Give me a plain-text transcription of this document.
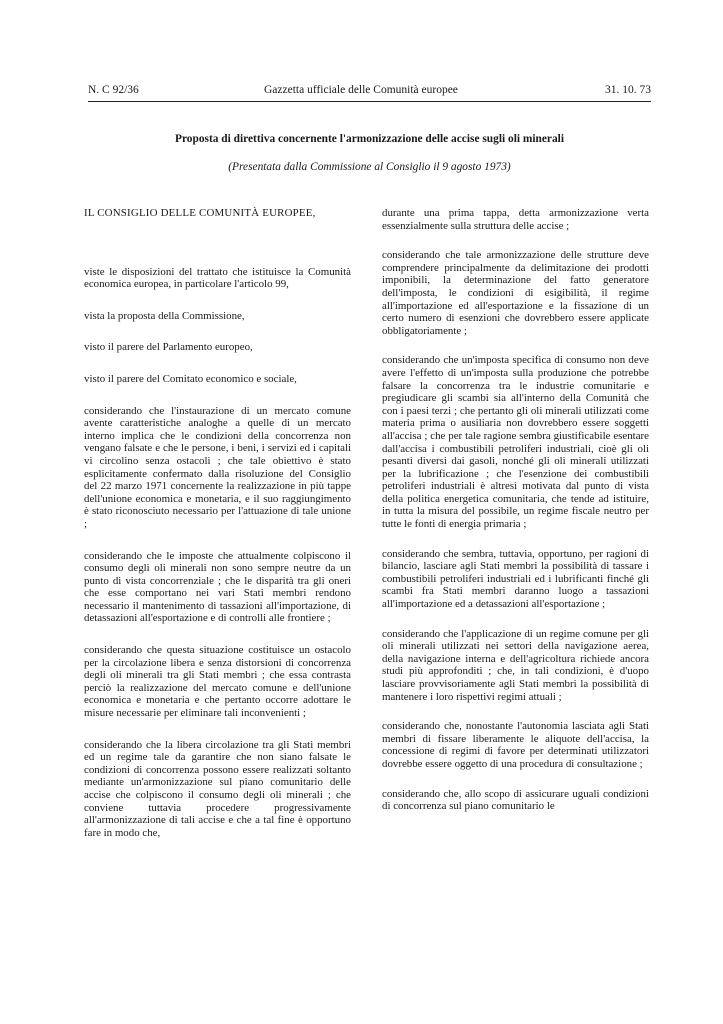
N. C 92/36	Gazzetta ufficiale delle Comunità europee	31. 10. 73
Proposta di direttiva concernente l'armonizzazione delle accise sugli oli minerali
(Presentata dalla Commissione al Consiglio il 9 agosto 1973)

IL CONSIGLIO DELLE COMUNITÀ EUROPEE,

viste le disposizioni del trattato che istituisce la Comunità economica europea, in particolare l'articolo 99,

vista la proposta della Commissione,

visto il parere del Parlamento europeo,

visto il parere del Comitato economico e sociale,

considerando che l'instaurazione di un mercato comune avente caratteristiche analoghe a quelle di un mercato interno implica che le condizioni della concorrenza non vengano falsate e che le persone, i beni, i servizi ed i capitali vi circolino senza ostacoli ; che tale obiettivo è stato esplicitamente confermato dalla risoluzione del Consiglio del 22 marzo 1971 concernente la realizzazione in più tappe dell'unione economica e monetaria, e il suo raggiungimento è stato riconosciuto necessario per l'attuazione di tale unione ;

considerando che le imposte che attualmente colpiscono il consumo degli oli minerali non sono sempre neutre da un punto di vista concorrenziale ; che le disparità tra gli oneri che esse comportano nei vari Stati membri rendono necessario il mantenimento di tassazioni all'importazione, di detassazioni all'esportazione e di controlli alle frontiere ;

considerando che questa situazione costituisce un ostacolo per la circolazione libera e senza distorsioni di concorrenza degli oli minerali tra gli Stati membri ; che essa contrasta perciò la realizzazione del mercato comune e dell'unione economica e monetaria e che pertanto occorre adottare le misure necessarie per eliminare tali inconvenienti ;

considerando che la libera circolazione tra gli Stati membri ed un regime tale da garantire che non siano falsate le condizioni di concorrenza possono essere realizzati soltanto mediante un'armonizzazione sul piano comunitario delle accise che colpiscono il consumo degli oli minerali ; che conviene tuttavia procedere progressivamente all'armonizzazione di tali accise e che a tal fine è opportuno fare in modo che,

durante una prima tappa, detta armonizzazione verta essenzialmente sulla struttura delle accise ;

considerando che tale armonizzazione delle strutture deve comprendere principalmente da delimitazione dei prodotti imponibili, la determinazione del fatto generatore dell'imposta, le condizioni di esigibilità, il regime all'importazione ed all'esportazione e la fissazione di un certo numero di esenzioni che dovrebbero essere applicate obbligatoriamente ;

considerando che un'imposta specifica di consumo non deve avere l'effetto di un'imposta sulla produzione che potrebbe falsare la concorrenza tra le industrie comunitarie e pregiudicare gli scambi sia all'interno della Comunità che con i paesi terzi ; che pertanto gli oli minerali utilizzati come materia prima o ausiliaria non dovrebbero essere soggetti all'accisa ; che per tale ragione sembra giustificabile esentare dall'accisa i combustibili petroliferi industriali, cioè gli oli pesanti diversi dai gasoli, nonché gli oli minerali utilizzati per la lubrificazione ; che l'esenzione dei combustibili petroliferi industriali è altresì motivata dal punto di vista della politica energetica comunitaria, che tende ad istituire, in tutta la misura del possibile, un regime fiscale neutro per tutte le fonti di energia primaria ;

considerando che sembra, tuttavia, opportuno, per ragioni di bilancio, lasciare agli Stati membri la possibilità di tassare i combustibili petroliferi industriali ed i lubrificanti finché gli scambi fra Stati membri daranno luogo a tassazioni all'importazione ed a detassazioni all'esportazione ;

considerando che l'applicazione di un regime comune per gli oli minerali utilizzati nei settori della navigazione aerea, della navigazione interna e dell'agricoltura richiede ancora studi più approfonditi ; che, in tali condizioni, è d'uopo lasciare provvisoriamente agli Stati membri la possibilità di mantenere i loro rispettivi regimi attuali ;

considerando che, nonostante l'autonomia lasciata agli Stati membri di fissare liberamente le aliquote dell'accisa, la concessione di regimi di favore per determinati utilizzatori dovrebbe essere oggetto di una procedura di consultazione ;

considerando che, allo scopo di assicurare uguali condizioni di concorrenza sul piano comunitario le
